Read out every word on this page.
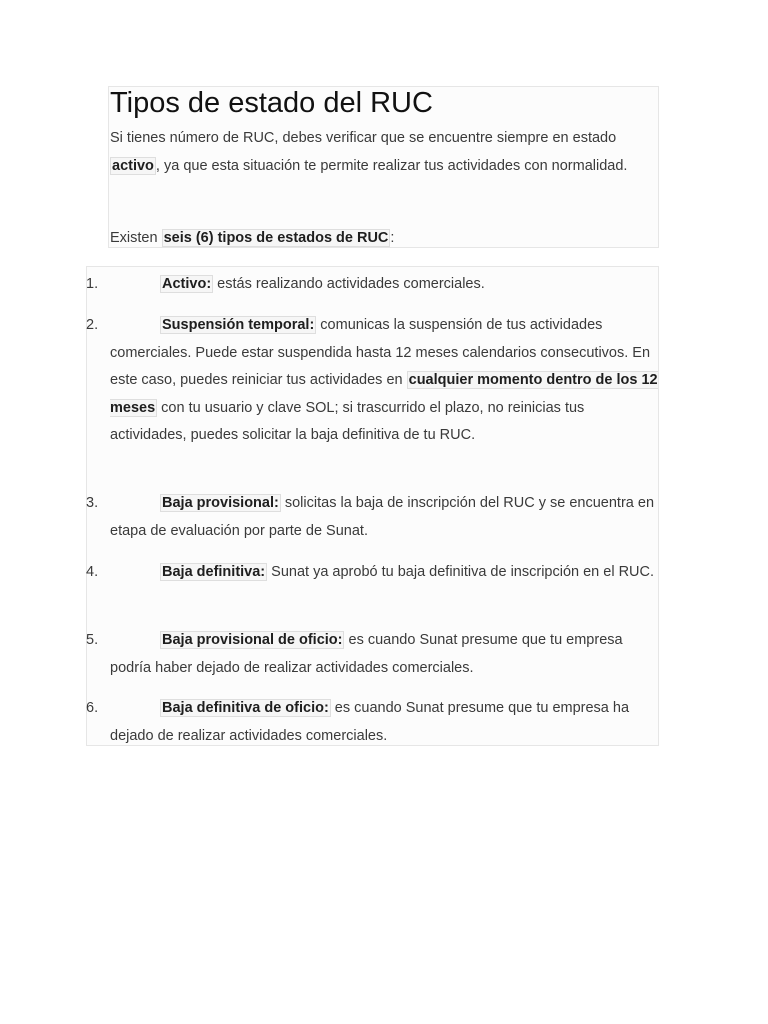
Tipos de estado del RUC

Si tienes número de RUC, debes verificar que se encuentre siempre en estado activo , ya que esta situación te permite realizar tus actividades con normalidad.

Existen seis (6) tipos de estados de RUC :

1.	Activo: estás realizando actividades comerciales.

2.	Suspensión temporal: comunicas la suspensión de tus actividades comerciales. Puede estar suspendida hasta 12 meses calendarios consecutivos. En este caso, puedes reiniciar tus actividades en cualquier momento dentro de los 12 meses con tu usuario y clave SOL; si trascurrido el plazo, no reinicias tus actividades, puedes solicitar la baja definitiva de tu RUC.

3.	Baja provisional: solicitas la baja de inscripción del RUC y se encuentra en etapa de evaluación por parte de Sunat.

4.	Baja definitiva: Sunat ya aprobó tu baja definitiva de inscripción en el RUC.

5.	Baja provisional de oficio: es cuando Sunat presume que tu empresa podría haber dejado de realizar actividades comerciales.

6.	Baja definitiva de oficio: es cuando Sunat presume que tu empresa ha dejado de realizar actividades comerciales.
